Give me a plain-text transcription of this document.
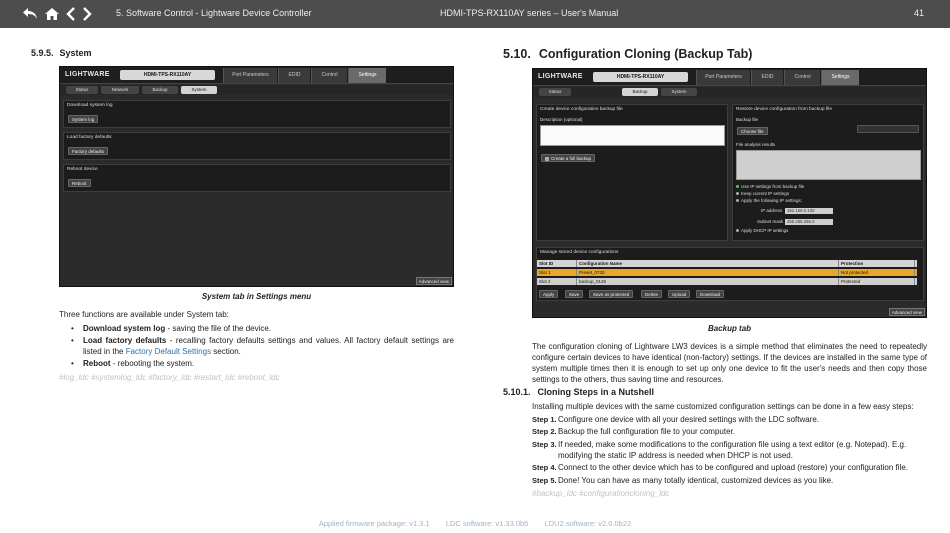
5. Software Control - Lightware Device Controller	HDMI-TPS-RX110AY series – User's Manual	41
5.9.5. System
LIGHTWARE	HDMI-TPS-RX110AY	Port Parameters	EDID	Control	Settings
Status	Network	Backup	System
Download system log
System log
Load factory defaults
Factory defaults
Reboot device
Reboot
Advanced view
System tab in Settings menu
Three functions are available under System tab:
• Download system log - saving the file of the device.
• Load factory defaults - recalling factory defaults settings and values. All factory default settings are listed in the Factory Default Settings section.
• Reboot - rebooting the system.
#log_ldc #systemlog_ldc #factory_ldc #restart_ldc #reboot_ldc
5.10. Configuration Cloning (Backup Tab)
LIGHTWARE	HDMI-TPS-RX110AY	Port Parameters	EDID	Control	Settings
Status	Backup	System
Create device configuration backup file
Description (optional)
Create a full backup
Restore device configuration from backup file
Backup file
Choose file
File analysis results
Use IP settings from backup file
Keep current IP settings
Apply the following IP settings:
IP address	192.168.0.100
Subnet mask 255.255.255.0
Apply DHCP IP settings
Manage stored device configurations
Slot ID	Configuration Name	Protection
Slot 1	Preset_0720	Not protected
Slot 2	backup_0125	Protected
Apply	Save	Save as protected	Delete	Upload	Download
Advanced view
Backup tab
The configuration cloning of Lightware LW3 devices is a simple method that eliminates the need to repeatedly configure certain devices to have identical (non-factory) settings. If the devices are installed in the same type of system multiple times then it is enough to set up only one device to fit the user's needs and then copy those settings to the others, thus saving time and resources.
5.10.1. Cloning Steps in a Nutshell
Installing multiple devices with the same customized configuration settings can be done in a few easy steps:
Step 1. Configure one device with all your desired settings with the LDC software.
Step 2. Backup the full configuration file to your computer.
Step 3. If needed, make some modifications to the configuration file using a text editor (e.g. Notepad). E.g. modifying the static IP address is needed when DHCP is not used.
Step 4. Connect to the other device which has to be configured and upload (restore) your configuration file.
Step 5. Done! You can have as many totally identical, customized devices as you like.
#backup_ldc #configurationcloning_ldc
Applied firmware package: v1.3.1 LDC software: v1.33.0b5 LDU2 software: v2.0.0b22
